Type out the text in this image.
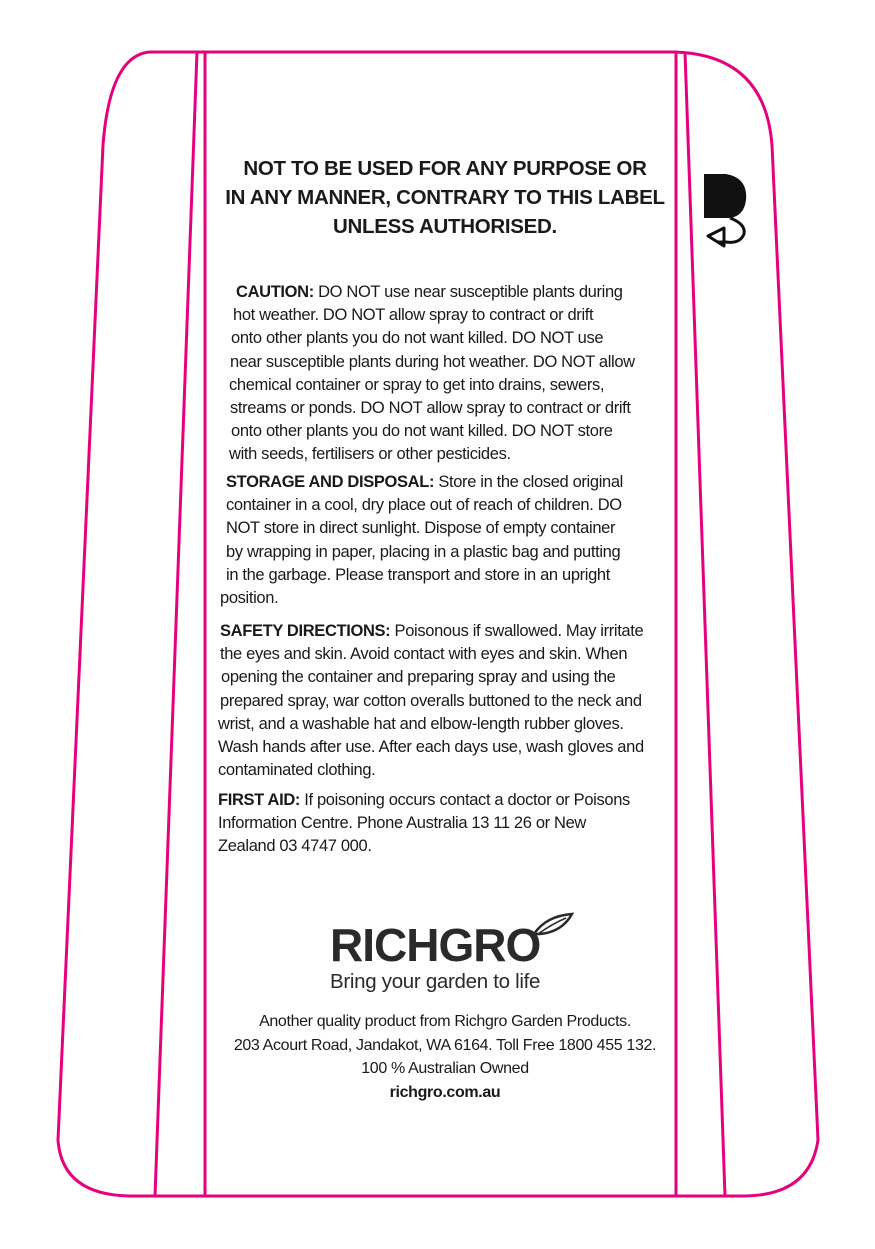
NOT TO BE USED FOR ANY PURPOSE OR
IN ANY MANNER, CONTRARY TO THIS LABEL
UNLESS AUTHORISED.
CAUTION: DO NOT use near susceptible plants during
hot weather. DO NOT allow spray to contract or drift
onto other plants you do not want killed. DO NOT use
near susceptible plants during hot weather. DO NOT allow
chemical container or spray to get into drains, sewers,
streams or ponds. DO NOT allow spray to contract or drift
onto other plants you do not want killed. DO NOT store
with seeds, fertilisers or other pesticides.
STORAGE AND DISPOSAL: Store in the closed original
container in a cool, dry place out of reach of children. DO
NOT store in direct sunlight. Dispose of empty container
by wrapping in paper, placing in a plastic bag and putting
in the garbage. Please transport and store in an upright
position.
SAFETY DIRECTIONS: Poisonous if swallowed. May irritate
the eyes and skin. Avoid contact with eyes and skin. When
opening the container and preparing spray and using the
prepared spray, war cotton overalls buttoned to the neck and
wrist, and a washable hat and elbow-length rubber gloves.
Wash hands after use. After each days use, wash gloves and
contaminated clothing.
FIRST AID: If poisoning occurs contact a doctor or Poisons
Information Centre. Phone Australia 13 11 26 or New
Zealand 03 4747 000.
RICHGRO
Bring your garden to life
Another quality product from Richgro Garden Products.
203 Acourt Road, Jandakot, WA 6164. Toll Free 1800 455 132.
100 % Australian Owned
richgro.com.au
